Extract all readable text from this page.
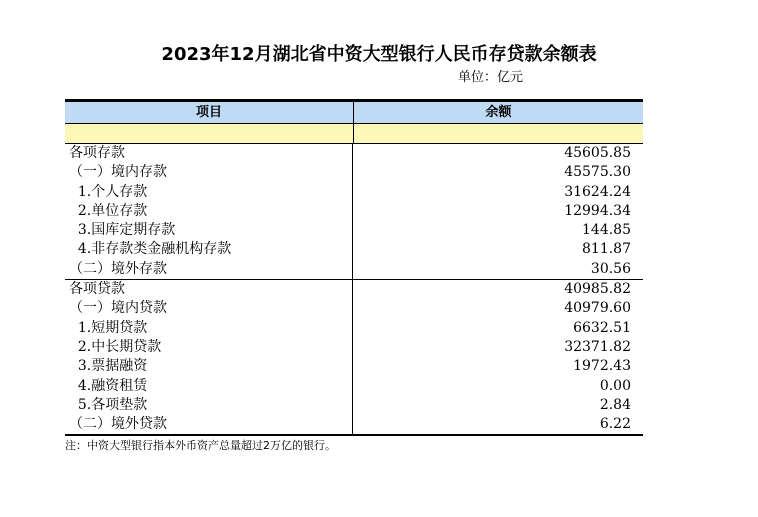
2023年12月湖北省中资大型银行人民币存贷款余额表
单位：亿元
项目	余额
各项存款	45605.85
（一）境内存款	45575.30
1.个人存款	31624.24
2.单位存款	12994.34
3.国库定期存款	144.85
4.非存款类金融机构存款	811.87
（二）境外存款	30.56
各项贷款	40985.82
（一）境内贷款	40979.60
1.短期贷款	6632.51
2.中长期贷款	32371.82
3.票据融资	1972.43
4.融资租赁	0.00
5.各项垫款	2.84
（二）境外贷款	6.22
注：中资大型银行指本外币资产总量超过2万亿的银行。
